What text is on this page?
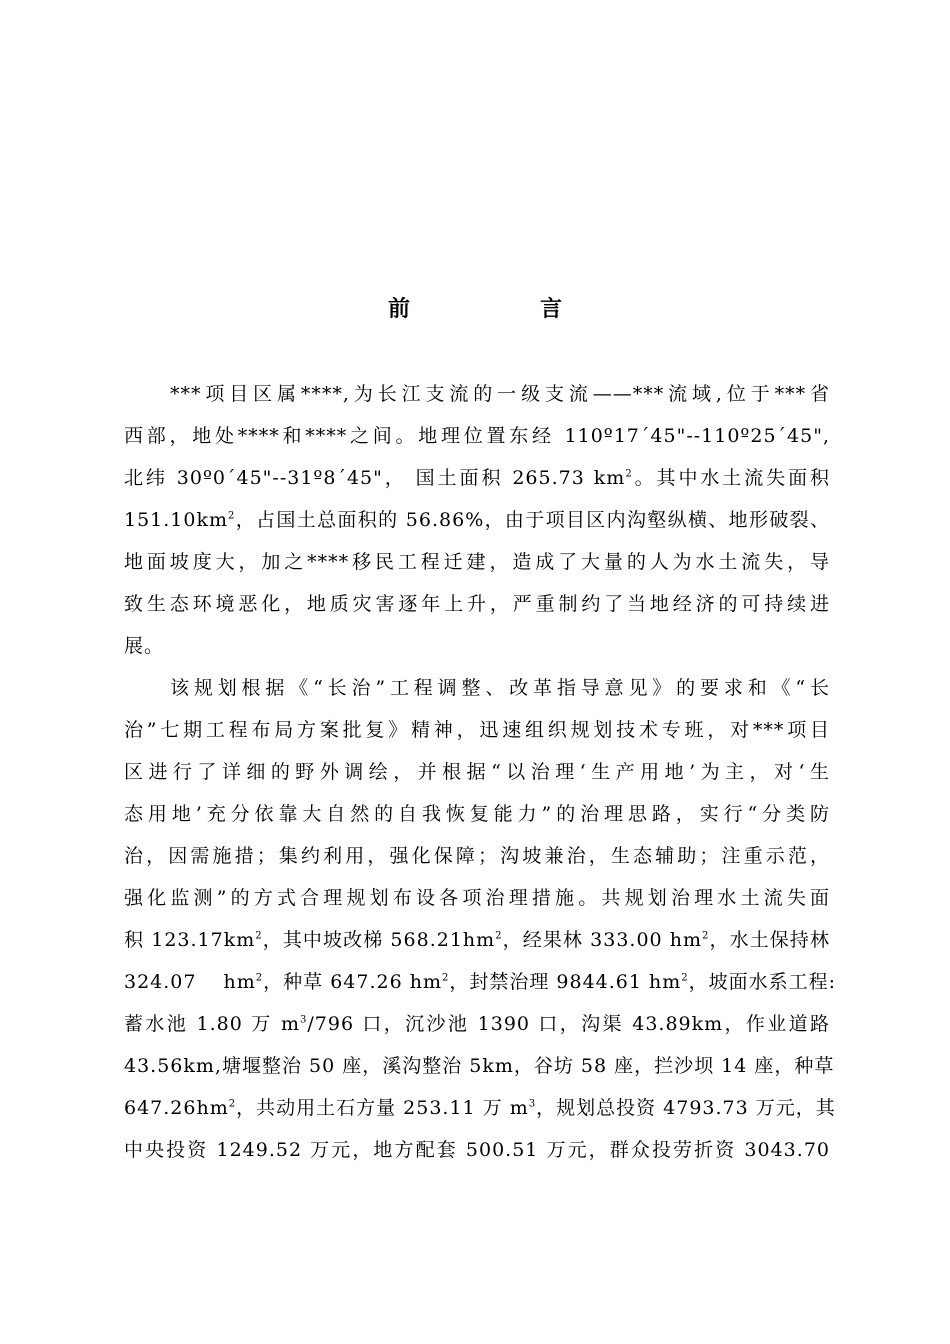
前　言
***项目区属****,为长江支流的一级支流——***流域,位于***省
西部，地处****和****之间。地理位置东经 110º17´45"--110º25´45",
北纬 30º0´45"--31º8´45"， 国土面积 265.73 $km^2$。其中水土流失面积
$151.10km^2$，占国土总面积的 56.86%，由于项目区内沟壑纵横、地形破裂、
地面坡度大，加之****移民工程迁建，造成了大量的人为水土流失，导
致生态环境恶化，地质灾害逐年上升，严重制约了当地经济的可持续进
展。
该规划根据《“长治”工程调整、改革指导意见》的要求和《“长
治”七期工程布局方案批复》精神，迅速组织规划技术专班，对***项目
区进行了详细的野外调绘，并根据“以治理‘生产用地’为主，对‘生
态用地’充分依靠大自然的自我恢复能力”的治理思路，实行“分类防
治，因需施措；集约利用，强化保障；沟坡兼治，生态辅助；注重示范，
强化监测”的方式合理规划布设各项治理措施。共规划治理水土流失面
积 $123.17km^2$，其中坡改梯 $568.21hm^2$，经果林 333.00 $hm^2$，水土保持林
324.07　 $hm^2$，种草 647.26 $hm^2$，封禁治理 9844.61 $hm^2$，坡面水系工程:
蓄水池 1.80 万 $m^3/796$ 口，沉沙池 1390 口，沟渠 43.89km，作业道路
43.56km,塘堰整治 50 座，溪沟整治 5km，谷坊 58 座，拦沙坝 14 座，种草
$647.26hm^2$，共动用土石方量 253.11 万 $m^3$，规划总投资 4793.73 万元，其
中央投资 1249.52 万元，地方配套 500.51 万元，群众投劳折资 3043.70
